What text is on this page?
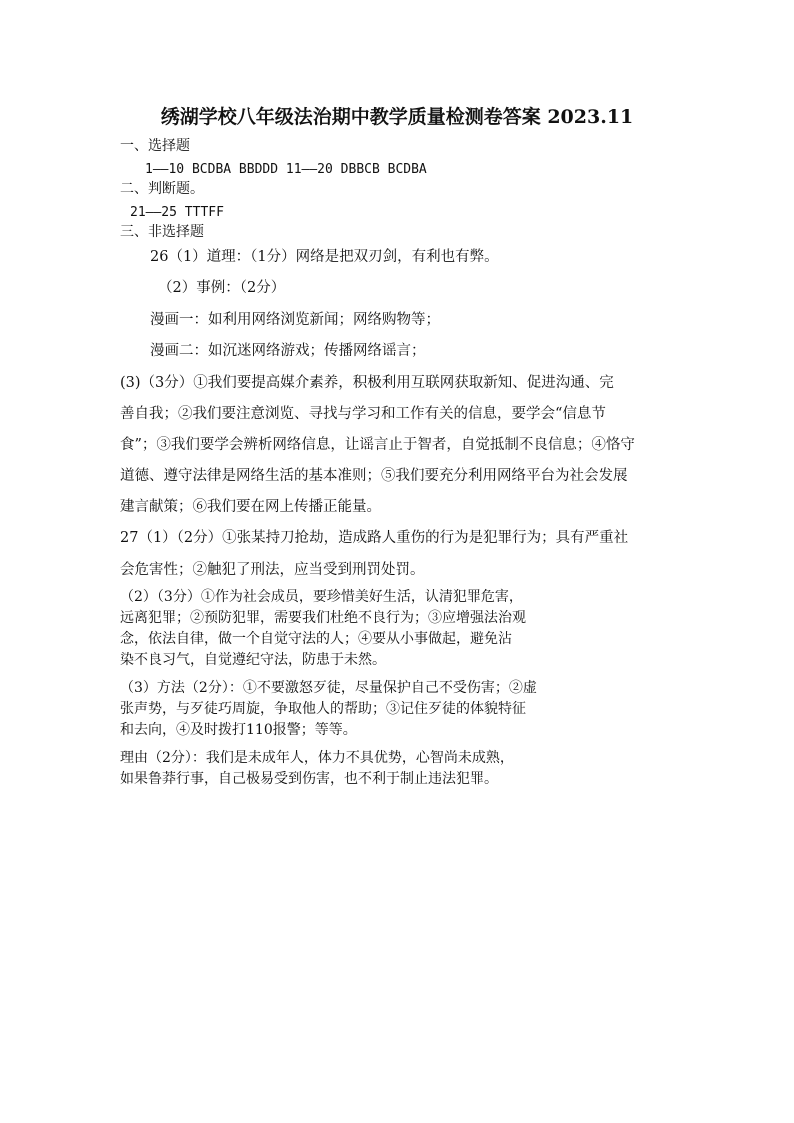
绣湖学校八年级法治期中教学质量检测卷答案 2023.11
一、选择题
1——10 BCDBA BBDDD 11——20 DBBCB BCDBA
二、判断题。
21——25 TTTFF
三、非选择题
26（1）道理：（1分）网络是把双刃剑，有利也有弊。
（2）事例：（2分）
漫画一：如利用网络浏览新闻；网络购物等；
漫画二：如沉迷网络游戏；传播网络谣言；
(3)（3分）①我们要提高媒介素养，积极利用互联网获取新知、促进沟通、完
善自我；②我们要注意浏览、寻找与学习和工作有关的信息，要学会“信息节
食”；③我们要学会辨析网络信息，让谣言止于智者，自觉抵制不良信息；④恪守
道德、遵守法律是网络生活的基本准则；⑤我们要充分利用网络平台为社会发展
建言献策；⑥我们要在网上传播正能量。
27（1）（2分）①张某持刀抢劫，造成路人重伤的行为是犯罪行为；具有严重社
会危害性；②触犯了刑法，应当受到刑罚处罚。
（2）（3分）①作为社会成员，要珍惜美好生活，认清犯罪危害，
远离犯罪；②预防犯罪，需要我们杜绝不良行为；③应增强法治观
念，依法自律，做一个自觉守法的人；④要从小事做起，避免沾
染不良习气，自觉遵纪守法，防患于未然。
（3）方法（2分）：①不要激怒歹徒，尽量保护自己不受伤害；②虚
张声势，与歹徒巧周旋，争取他人的帮助；③记住歹徒的体貌特征
和去向，④及时拨打110报警；等等。
理由（2分）：我们是未成年人，体力不具优势，心智尚未成熟，
如果鲁莽行事，自己极易受到伤害，也不利于制止违法犯罪。
